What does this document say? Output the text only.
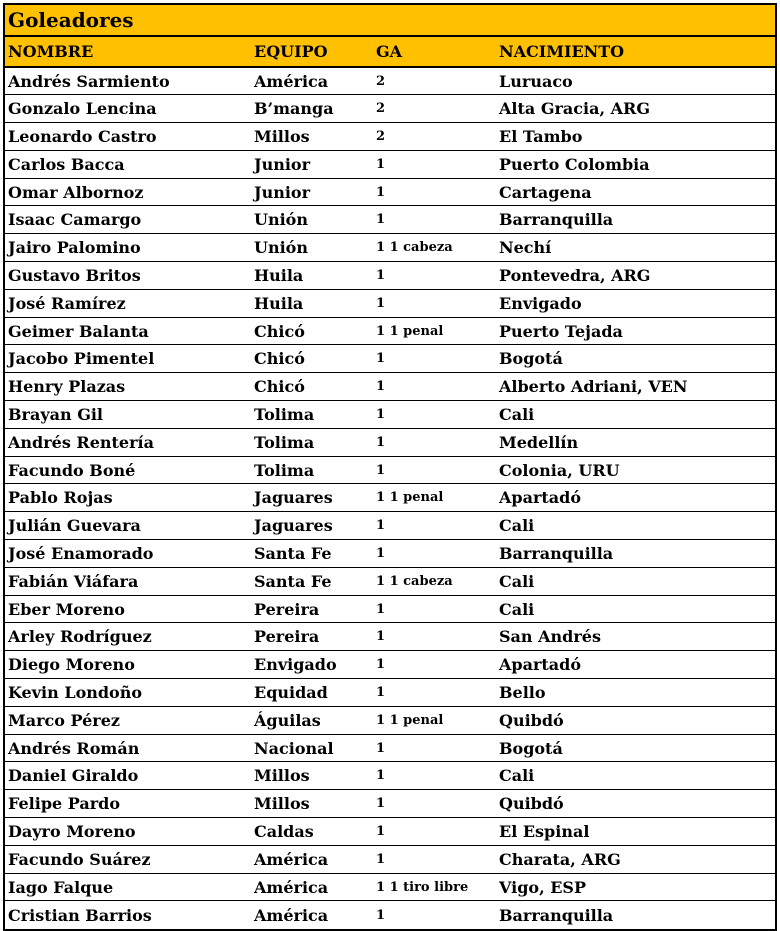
Goleadores
NOMBRE	EQUIPO	GA	NACIMIENTO
Andrés Sarmiento	América	2	Luruaco
Gonzalo Lencina	B’manga	2	Alta Gracia, ARG
Leonardo Castro	Millos	2	El Tambo
Carlos Bacca	Junior	1	Puerto Colombia
Omar Albornoz	Junior	1	Cartagena
Isaac Camargo	Unión	1	Barranquilla
Jairo Palomino	Unión	1 1 cabeza	Nechí
Gustavo Britos	Huila	1	Pontevedra, ARG
José Ramírez	Huila	1	Envigado
Geimer Balanta	Chicó	1 1 penal	Puerto Tejada
Jacobo Pimentel	Chicó	1	Bogotá
Henry Plazas	Chicó	1	Alberto Adriani, VEN
Brayan Gil	Tolima	1	Cali
Andrés Rentería	Tolima	1	Medellín
Facundo Boné	Tolima	1	Colonia, URU
Pablo Rojas	Jaguares	1 1 penal	Apartadó
Julián Guevara	Jaguares	1	Cali
José Enamorado	Santa Fe	1	Barranquilla
Fabián Viáfara	Santa Fe	1 1 cabeza	Cali
Eber Moreno	Pereira	1	Cali
Arley Rodríguez	Pereira	1	San Andrés
Diego Moreno	Envigado	1	Apartadó
Kevin Londoño	Equidad	1	Bello
Marco Pérez	Águilas	1 1 penal	Quibdó
Andrés Román	Nacional	1	Bogotá
Daniel Giraldo	Millos	1	Cali
Felipe Pardo	Millos	1	Quibdó
Dayro Moreno	Caldas	1	El Espinal
Facundo Suárez	América	1	Charata, ARG
Iago Falque	América	1 1 tiro libre	Vigo, ESP
Cristian Barrios	América	1	Barranquilla
